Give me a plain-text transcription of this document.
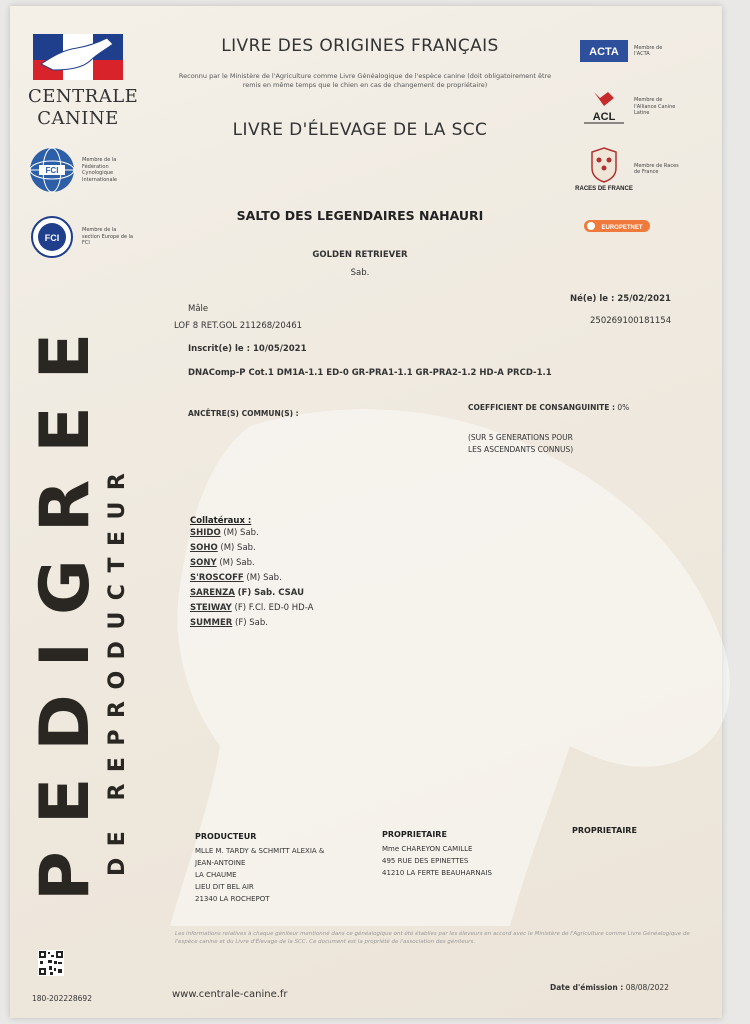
CENTRALE
CANINE
FCI
Membre de la Fédération Cynologique Internationale
FCI
Membre de la section Europe de la FCI
ACTA	Membre de l'ACTA
ACL
Membre de l'Alliance Canine Latine
RACES DE FRANCE
Membre de Races de France
EUROPETNET
LIVRE DES ORIGINES FRANÇAIS
Reconnu par le Ministère de l'Agriculture comme Livre Généalogique de l'espèce canine (doit obligatoirement être remis en même temps que le chien en cas de changement de propriétaire)
LIVRE D'ÉLEVAGE DE LA SCC
SALTO DES LEGENDAIRES NAHAURI
GOLDEN RETRIEVER
Sab.
Mâle
Né(e) le : 25/02/2021
LOF 8 RET.GOL 211268/20461	250269100181154
Inscrit(e) le : 10/05/2021
DNAComp-P Cot.1 DM1A-1.1 ED-0 GR-PRA1-1.1 GR-PRA2-1.2 HD-A PRCD-1.1
ANCÊTRE(S) COMMUN(S) :
COEFFICIENT DE CONSANGUINITE : 0%
(SUR 5 GENERATIONS POUR
LES ASCENDANTS CONNUS)
Collatéraux :
SHIDO (M) Sab.
SOHO (M) Sab.
SONY (M) Sab.
S'ROSCOFF (M) Sab.
SARENZA (F) Sab. CSAU
STEIWAY (F) F.Cl. ED-0 HD-A
SUMMER (F) Sab.
PEDIGREE DE REPRODUCTEUR	PRODUCTEUR
MLLE M. TARDY & SCHMITT ALEXIA &
JEAN-ANTOINE
LA CHAUME
LIEU DIT BEL AIR
21340 LA ROCHEPOT
PROPRIETAIRE
Mme CHAREYON CAMILLE
495 RUE DES EPINETTES
41210 LA FERTE BEAUHARNAIS
PROPRIETAIRE
Les informations relatives à chaque géniteur mentionné dans ce généalogique ont été établies par les éleveurs en accord avec le Ministère de l'Agriculture comme Livre Généalogique de l'espèce canine et du Livre d'Élevage de la SCC. Ce document est la propriété de l'association des géniteurs.
180-202228692	www.centrale-canine.fr
Date d'émission : 08/08/2022
